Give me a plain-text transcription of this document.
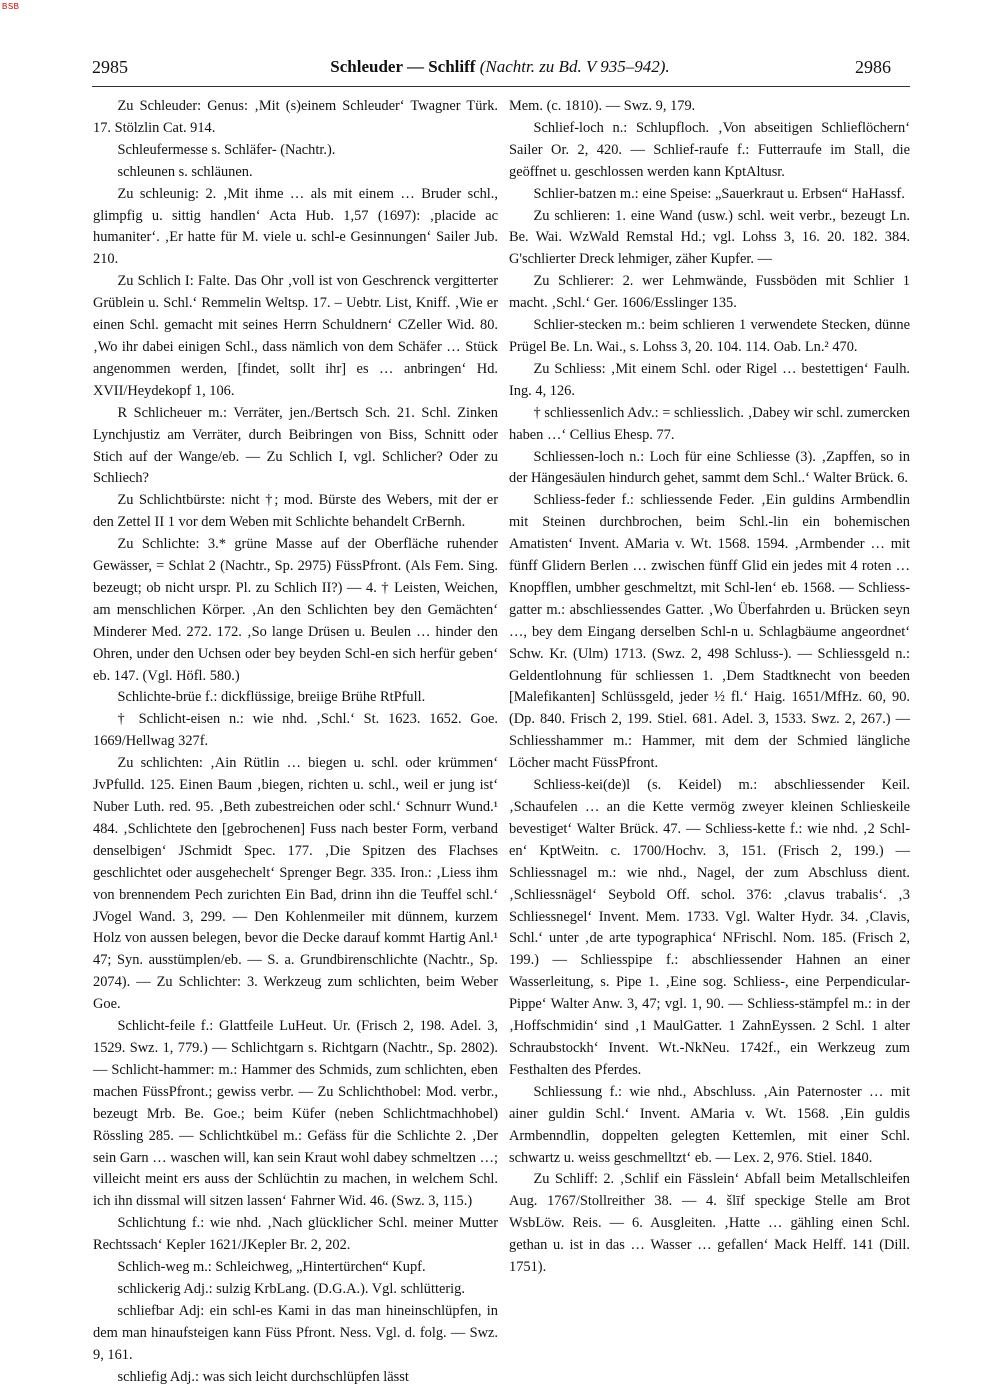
BSB
2985	Schleuder — Schliff (Nachtr. zu Bd. V 935–942).	2986

Zu Schleuder: Genus: ‚Mit (s)einem Schleuder‘ Twagner Türk. 17. Stölzlin Cat. 914.

Schleufermesse s. Schläfer- (Nachtr.).

schleunen s. schläunen.

Zu schleunig: 2. ‚Mit ihme … als mit einem … Bruder schl., glimpfig u. sittig handlen‘ Acta Hub. 1,57 (1697): ‚placide ac humaniter‘. ‚Er hatte für M. viele u. schl-e Gesinnungen‘ Sailer Jub. 210.

Zu Schlich I: Falte. Das Ohr ‚voll ist von Geschrenck vergitterter Grüblein u. Schl.‘ Remmelin Weltsp. 17. – Uebtr. List, Kniff. ‚Wie er einen Schl. gemacht mit seines Herrn Schuldnern‘ CZeller Wid. 80. ‚Wo ihr dabei einigen Schl., dass nämlich von dem Schäfer … Stück angenommen werden, [findet, sollt ihr] es … anbringen‘ Hd. XVII/Heydekopf 1, 106.

R Schlicheuer m.: Verräter, jen./Bertsch Sch. 21. Schl. Zinken Lynchjustiz am Verräter, durch Beibringen von Biss, Schnitt oder Stich auf der Wange/eb. — Zu Schlich I, vgl. Schlicher? Oder zu Schliech?

Zu Schlichtbürste: nicht †; mod. Bürste des Webers, mit der er den Zettel II 1 vor dem Weben mit Schlichte behandelt CrBernh.

Zu Schlichte: 3.* grüne Masse auf der Oberfläche ruhender Gewässer, = Schlat 2 (Nachtr., Sp. 2975) FüssPfront. (Als Fem. Sing. bezeugt; ob nicht urspr. Pl. zu Schlich II?) — 4. † Leisten, Weichen, am menschlichen Körper. ‚An den Schlichten bey den Gemächten‘ Minderer Med. 272. 172. ‚So lange Drüsen u. Beulen … hinder den Ohren, under den Uchsen oder bey beyden Schl-en sich herfür geben‘ eb. 147. (Vgl. Höfl. 580.)

Schlichte-brüe f.: dickflüssige, breiige Brühe RtPfull.

† Schlicht-eisen n.: wie nhd. ‚Schl.‘ St. 1623. 1652. Goe. 1669/Hellwag 327f.

Zu schlichten: ‚Ain Rütlin … biegen u. schl. oder krümmen‘ JvPfulld. 125. Einen Baum ‚biegen, richten u. schl., weil er jung ist‘ Nuber Luth. red. 95. ‚Beth zubestreichen oder schl.‘ Schnurr Wund.¹ 484. ‚Schlichtete den [gebrochenen] Fuss nach bester Form, verband denselbigen‘ JSchmidt Spec. 177. ‚Die Spitzen des Flachses geschlichtet oder ausgehechelt‘ Sprenger Begr. 335. Iron.: ‚Liess ihm von brennendem Pech zurichten Ein Bad, drinn ihn die Teuffel schl.‘ JVogel Wand. 3, 299. — Den Kohlenmeiler mit dünnem, kurzem Holz von aussen belegen, bevor die Decke darauf kommt Hartig Anl.¹ 47; Syn. ausstümplen/eb. — S. a. Grundbirenschlichte (Nachtr., Sp. 2074). — Zu Schlichter: 3. Werkzeug zum schlichten, beim Weber Goe.

Schlicht-feile f.: Glattfeile LuHeut. Ur. (Frisch 2, 198. Adel. 3, 1529. Swz. 1, 779.) — Schlichtgarn s. Richtgarn (Nachtr., Sp. 2802). — Schlicht-hammer: m.: Hammer des Schmids, zum schlichten, eben machen FüssPfront.; gewiss verbr. — Zu Schlichthobel: Mod. verbr., bezeugt Mrb. Be. Goe.; beim Küfer (neben Schlichtmachhobel) Rössling 285. — Schlichtkübel m.: Gefäss für die Schlichte 2. ‚Der sein Garn … waschen will, kan sein Kraut wohl dabey schmeltzen …; villeicht meint ers auss der Schlüchtin zu machen, in welchem Schl. ich ihn dissmal will sitzen lassen‘ Fahrner Wid. 46. (Swz. 3, 115.)

Schlichtung f.: wie nhd. ‚Nach glücklicher Schl. meiner Mutter Rechtssach‘ Kepler 1621/JKepler Br. 2, 202.

Schlich-weg m.: Schleichweg, „Hintertürchen“ Kupf.

schlickerig Adj.: sulzig KrbLang. (D.G.A.). Vgl. schlütterig.

schliefbar Adj: ein schl-es Kami in das man hineinschlüpfen, in dem man hinaufsteigen kann Füss Pfront. Ness. Vgl. d. folg. — Swz. 9, 161.

schliefig Adj.: was sich leicht durchschlüpfen lässt

Mem. (c. 1810). — Swz. 9, 179.

Schlief-loch n.: Schlupfloch. ‚Von abseitigen Schlieflöchern‘ Sailer Or. 2, 420. — Schlief-raufe f.: Futterraufe im Stall, die geöffnet u. geschlossen werden kann KptAltusr.

Schlier-batzen m.: eine Speise: „Sauerkraut u. Erbsen“ HaHassf.

Zu schlieren: 1. eine Wand (usw.) schl. weit verbr., bezeugt Ln. Be. Wai. WzWald Remstal Hd.; vgl. Lohss 3, 16. 20. 182. 384. G'schlierter Dreck lehmiger, zäher Kupfer. —

Zu Schlierer: 2. wer Lehmwände, Fussböden mit Schlier 1 macht. ‚Schl.‘ Ger. 1606/Esslinger 135.

Schlier-stecken m.: beim schlieren 1 verwendete Stecken, dünne Prügel Be. Ln. Wai., s. Lohss 3, 20. 104. 114. Oab. Ln.² 470.

Zu Schliess: ‚Mit einem Schl. oder Rigel … bestettigen‘ Faulh. Ing. 4, 126.

† schliessenlich Adv.: = schliesslich. ‚Dabey wir schl. zumercken haben …‘ Cellius Ehesp. 77.

Schliessen-loch n.: Loch für eine Schliesse (3). ‚Zapffen, so in der Hängesäulen hindurch gehet, sammt dem Schl..‘ Walter Brück. 6.

Schliess-feder f.: schliessende Feder. ‚Ein guldins Armbendlin mit Steinen durchbrochen, beim Schl.-lin ein bohemischen Amatisten‘ Invent. AMaria v. Wt. 1568. 1594. ‚Armbender … mit fünff Glidern Berlen … zwischen fünff Glid ein jedes mit 4 roten … Knopfflen, umbher geschmeltzt, mit Schl-len‘ eb. 1568. — Schliess-gatter m.: abschliessendes Gatter. ‚Wo Überfahrden u. Brücken seyn …, bey dem Eingang derselben Schl-n u. Schlagbäume angeordnet‘ Schw. Kr. (Ulm) 1713. (Swz. 2, 498 Schluss-). — Schliessgeld n.: Geldentlohnung für schliessen 1. ‚Dem Stadtknecht von beeden [Malefikanten] Schlüssgeld, jeder ½ fl.‘ Haig. 1651/MfHz. 60, 90. (Dp. 840. Frisch 2, 199. Stiel. 681. Adel. 3, 1533. Swz. 2, 267.) — Schliesshammer m.: Hammer, mit dem der Schmied längliche Löcher macht FüssPfront.

Schliess-kei(de)l (s. Keidel) m.: abschliessender Keil. ‚Schaufelen … an die Kette vermög zweyer kleinen Schlieskeile bevestiget‘ Walter Brück. 47. — Schliess-kette f.: wie nhd. ‚2 Schl-en‘ KptWeitn. c. 1700/Hochv. 3, 151. (Frisch 2, 199.) — Schliessnagel m.: wie nhd., Nagel, der zum Abschluss dient. ‚Schliessnägel‘ Seybold Off. schol. 376: ‚clavus trabalis‘. ‚3 Schliessnegel‘ Invent. Mem. 1733. Vgl. Walter Hydr. 34. ‚Clavis, Schl.‘ unter ‚de arte typographica‘ NFrischl. Nom. 185. (Frisch 2, 199.) — Schliesspipe f.: abschliessender Hahnen an einer Wasserleitung, s. Pipe 1. ‚Eine sog. Schliess-, eine Perpendicular-Pippe‘ Walter Anw. 3, 47; vgl. 1, 90. — Schliess-stämpfel m.: in der ‚Hoffschmidin‘ sind ‚1 MaulGatter. 1 ZahnEyssen. 2 Schl. 1 alter Schraubstockh‘ Invent. Wt.-NkNeu. 1742f., ein Werkzeug zum Festhalten des Pferdes.

Schliessung f.: wie nhd., Abschluss. ‚Ain Paternoster … mit ainer guldin Schl.‘ Invent. AMaria v. Wt. 1568. ‚Ein guldis Armbenndlin, doppelten gelegten Kettemlen, mit einer Schl. schwartz u. weiss geschmelltzt‘ eb. — Lex. 2, 976. Stiel. 1840.

Zu Schliff: 2. ‚Schlif ein Fässlein‘ Abfall beim Metallschleifen Aug. 1767/Stollreither 38. — 4. šlīf speckige Stelle am Brot WsbLöw. Reis. — 6. Ausgleiten. ‚Hatte … gähling einen Schl. gethan u. ist in das … Wasser … gefallen‘ Mack Helff. 141 (Dill. 1751).
